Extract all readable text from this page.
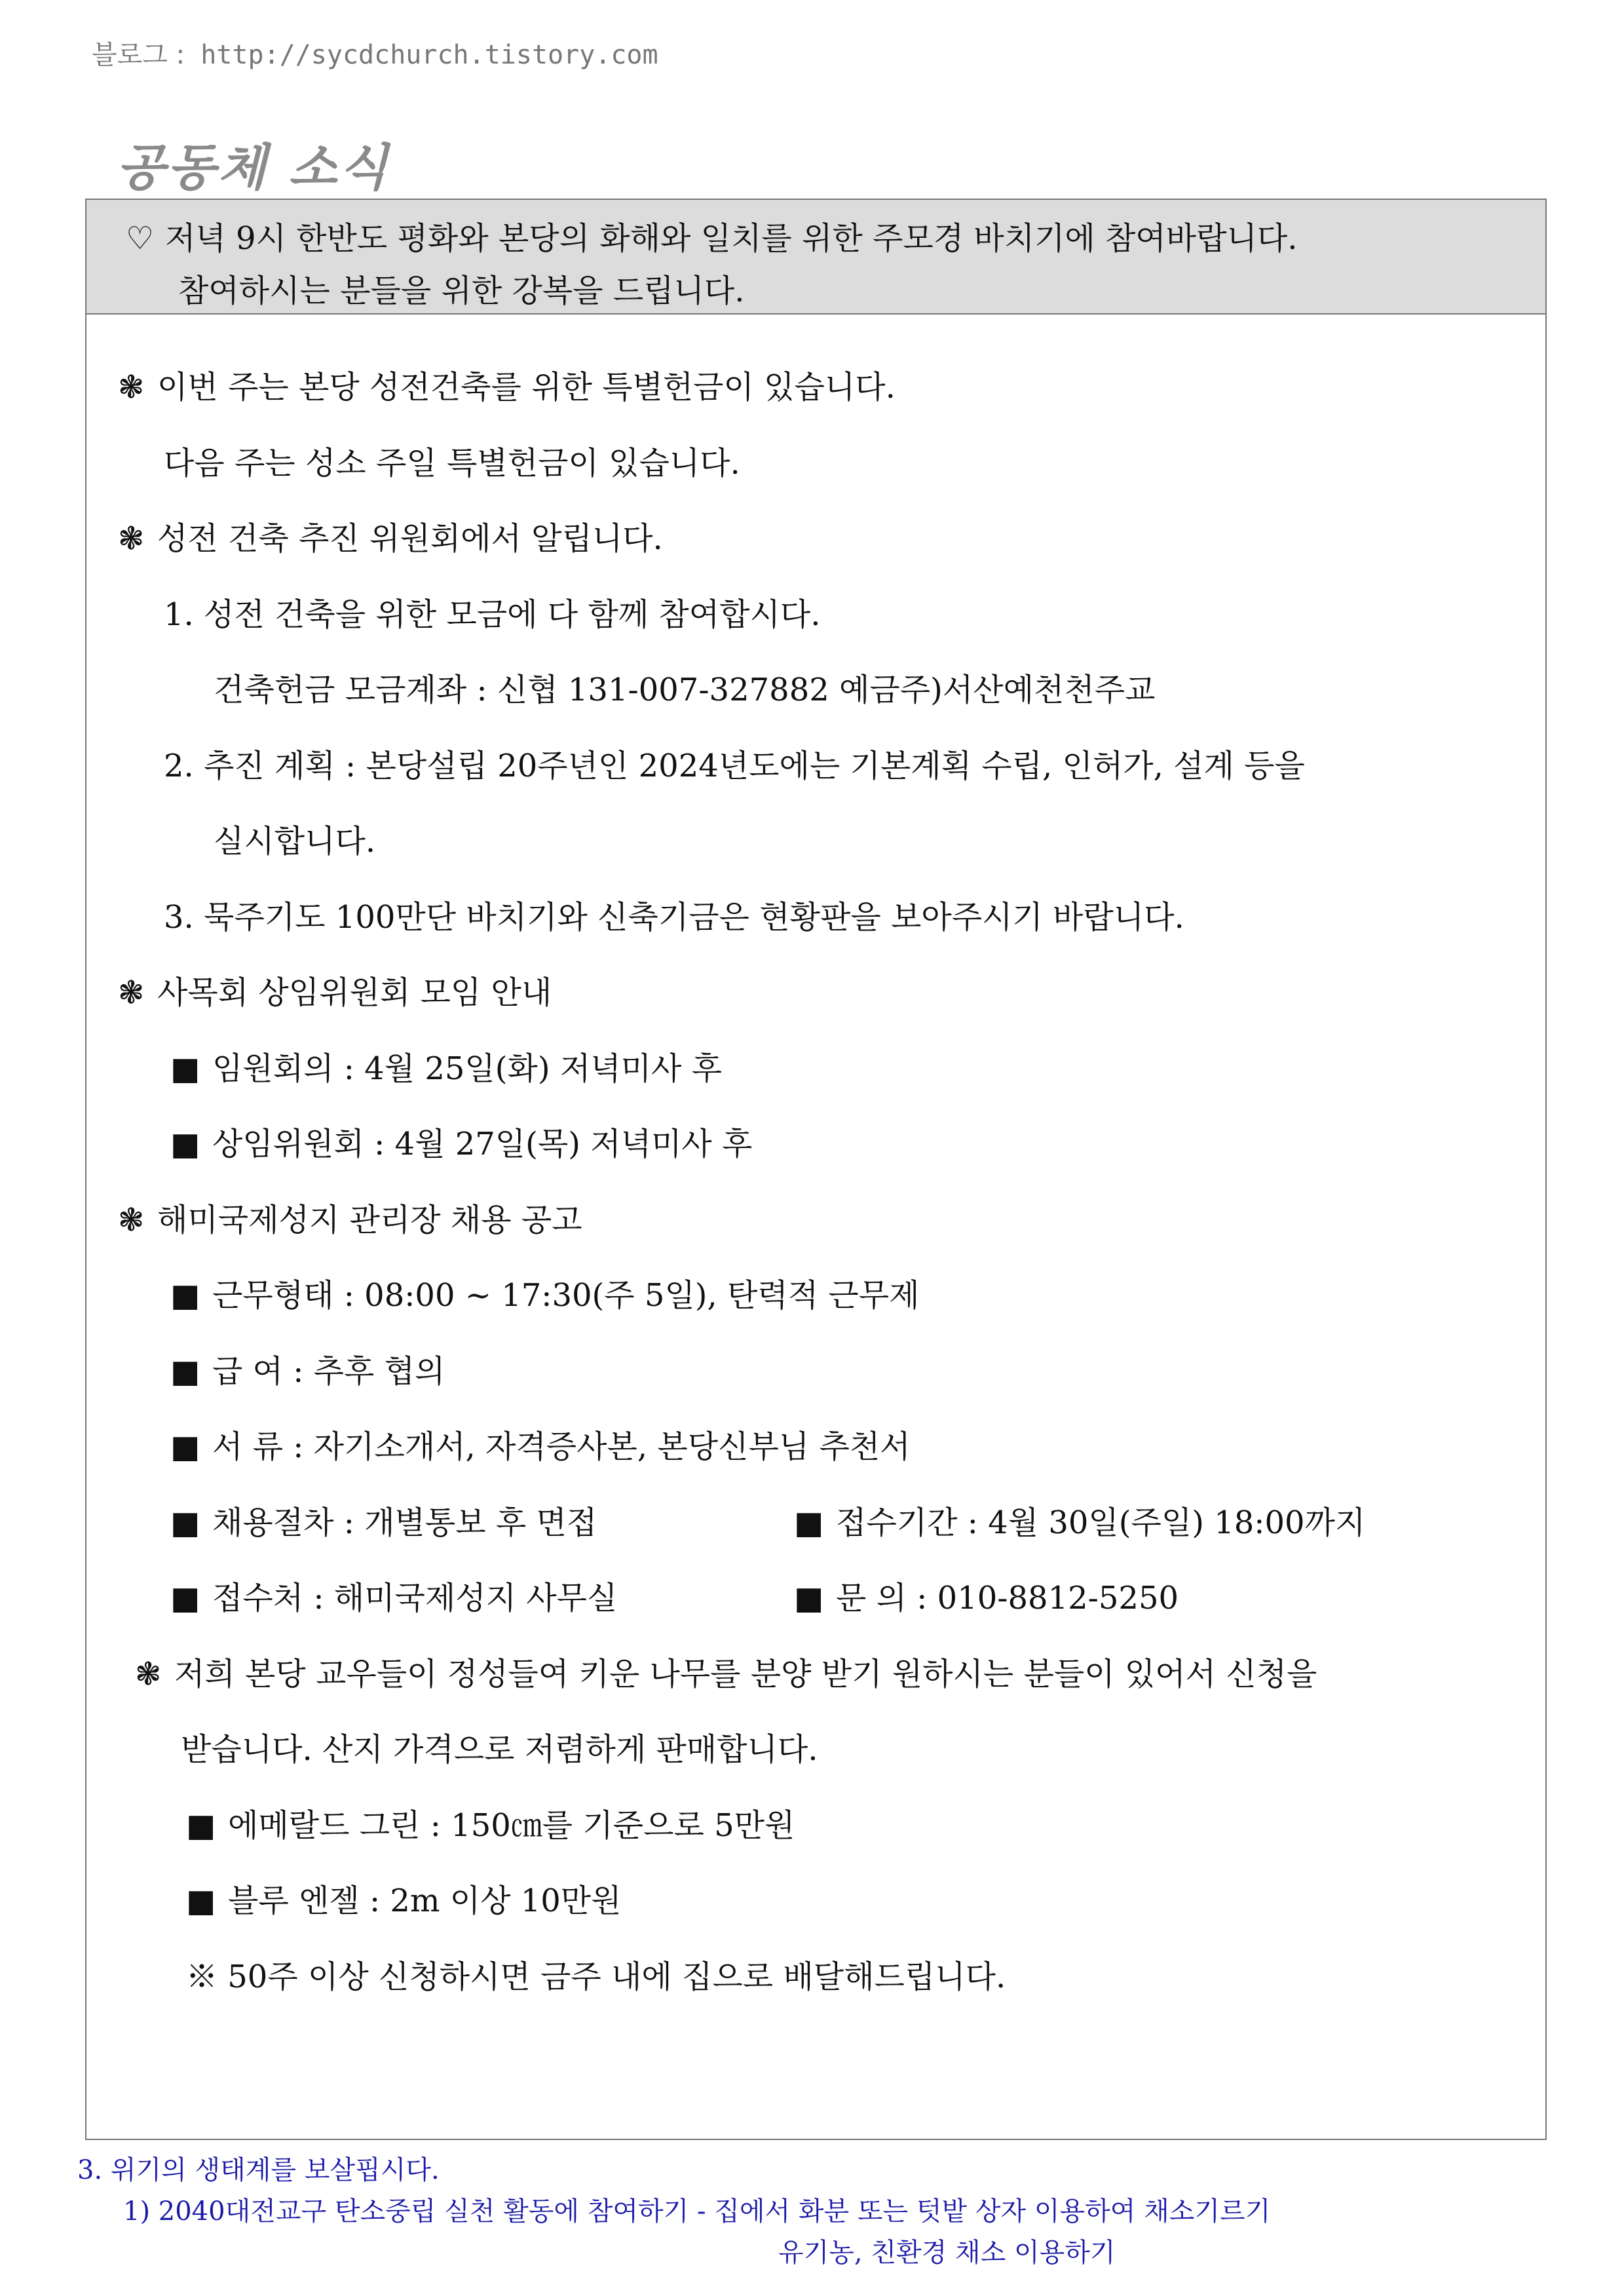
블로그 : http://sycdchurch.tistory.com
공동체 소식
♡ 저녁 9시 한반도 평화와 본당의 화해와 일치를 위한 주모경 바치기에 참여바랍니다.
참여하시는 분들을 위한 강복을 드립니다.
❃ 이번 주는 본당 성전건축를 위한 특별헌금이 있습니다.
다음 주는 성소 주일 특별헌금이 있습니다.
❃ 성전 건축 추진 위원회에서 알립니다.
1. 성전 건축을 위한 모금에 다 함께 참여합시다.
건축헌금 모금계좌 : 신협 131-007-327882 예금주)서산예천천주교
2. 추진 계획 : 본당설립 20주년인 2024년도에는 기본계획 수립, 인허가, 설계 등을
실시합니다.
3. 묵주기도 100만단 바치기와 신축기금은 현황판을 보아주시기 바랍니다.
❃ 사목회 상임위원회 모임 안내
■ 임원회의 : 4월 25일(화) 저녁미사 후
■ 상임위원회 : 4월 27일(목) 저녁미사 후
❃ 해미국제성지 관리장 채용 공고
■ 근무형태 : 08:00 ~ 17:30(주 5일), 탄력적 근무제
■ 급 여 : 추후 협의
■ 서 류 : 자기소개서, 자격증사본, 본당신부님 추천서
■ 채용절차 : 개별통보 후 면접	■ 접수기간 : 4월 30일(주일) 18:00까지
■ 접수처 : 해미국제성지 사무실	■ 문 의 : 010-8812-5250
❃ 저희 본당 교우들이 정성들여 키운 나무를 분양 받기 원하시는 분들이 있어서 신청을
받습니다. 산지 가격으로 저렴하게 판매합니다.
■ 에메랄드 그린 : 150㎝를 기준으로 5만원
■ 블루 엔젤 : 2m 이상 10만원
※ 50주 이상 신청하시면 금주 내에 집으로 배달해드립니다.
3. 위기의 생태계를 보살핍시다.
1) 2040대전교구 탄소중립 실천 활동에 참여하기 - 집에서 화분 또는 텃밭 상자 이용하여 채소기르기
유기농, 친환경 채소 이용하기
